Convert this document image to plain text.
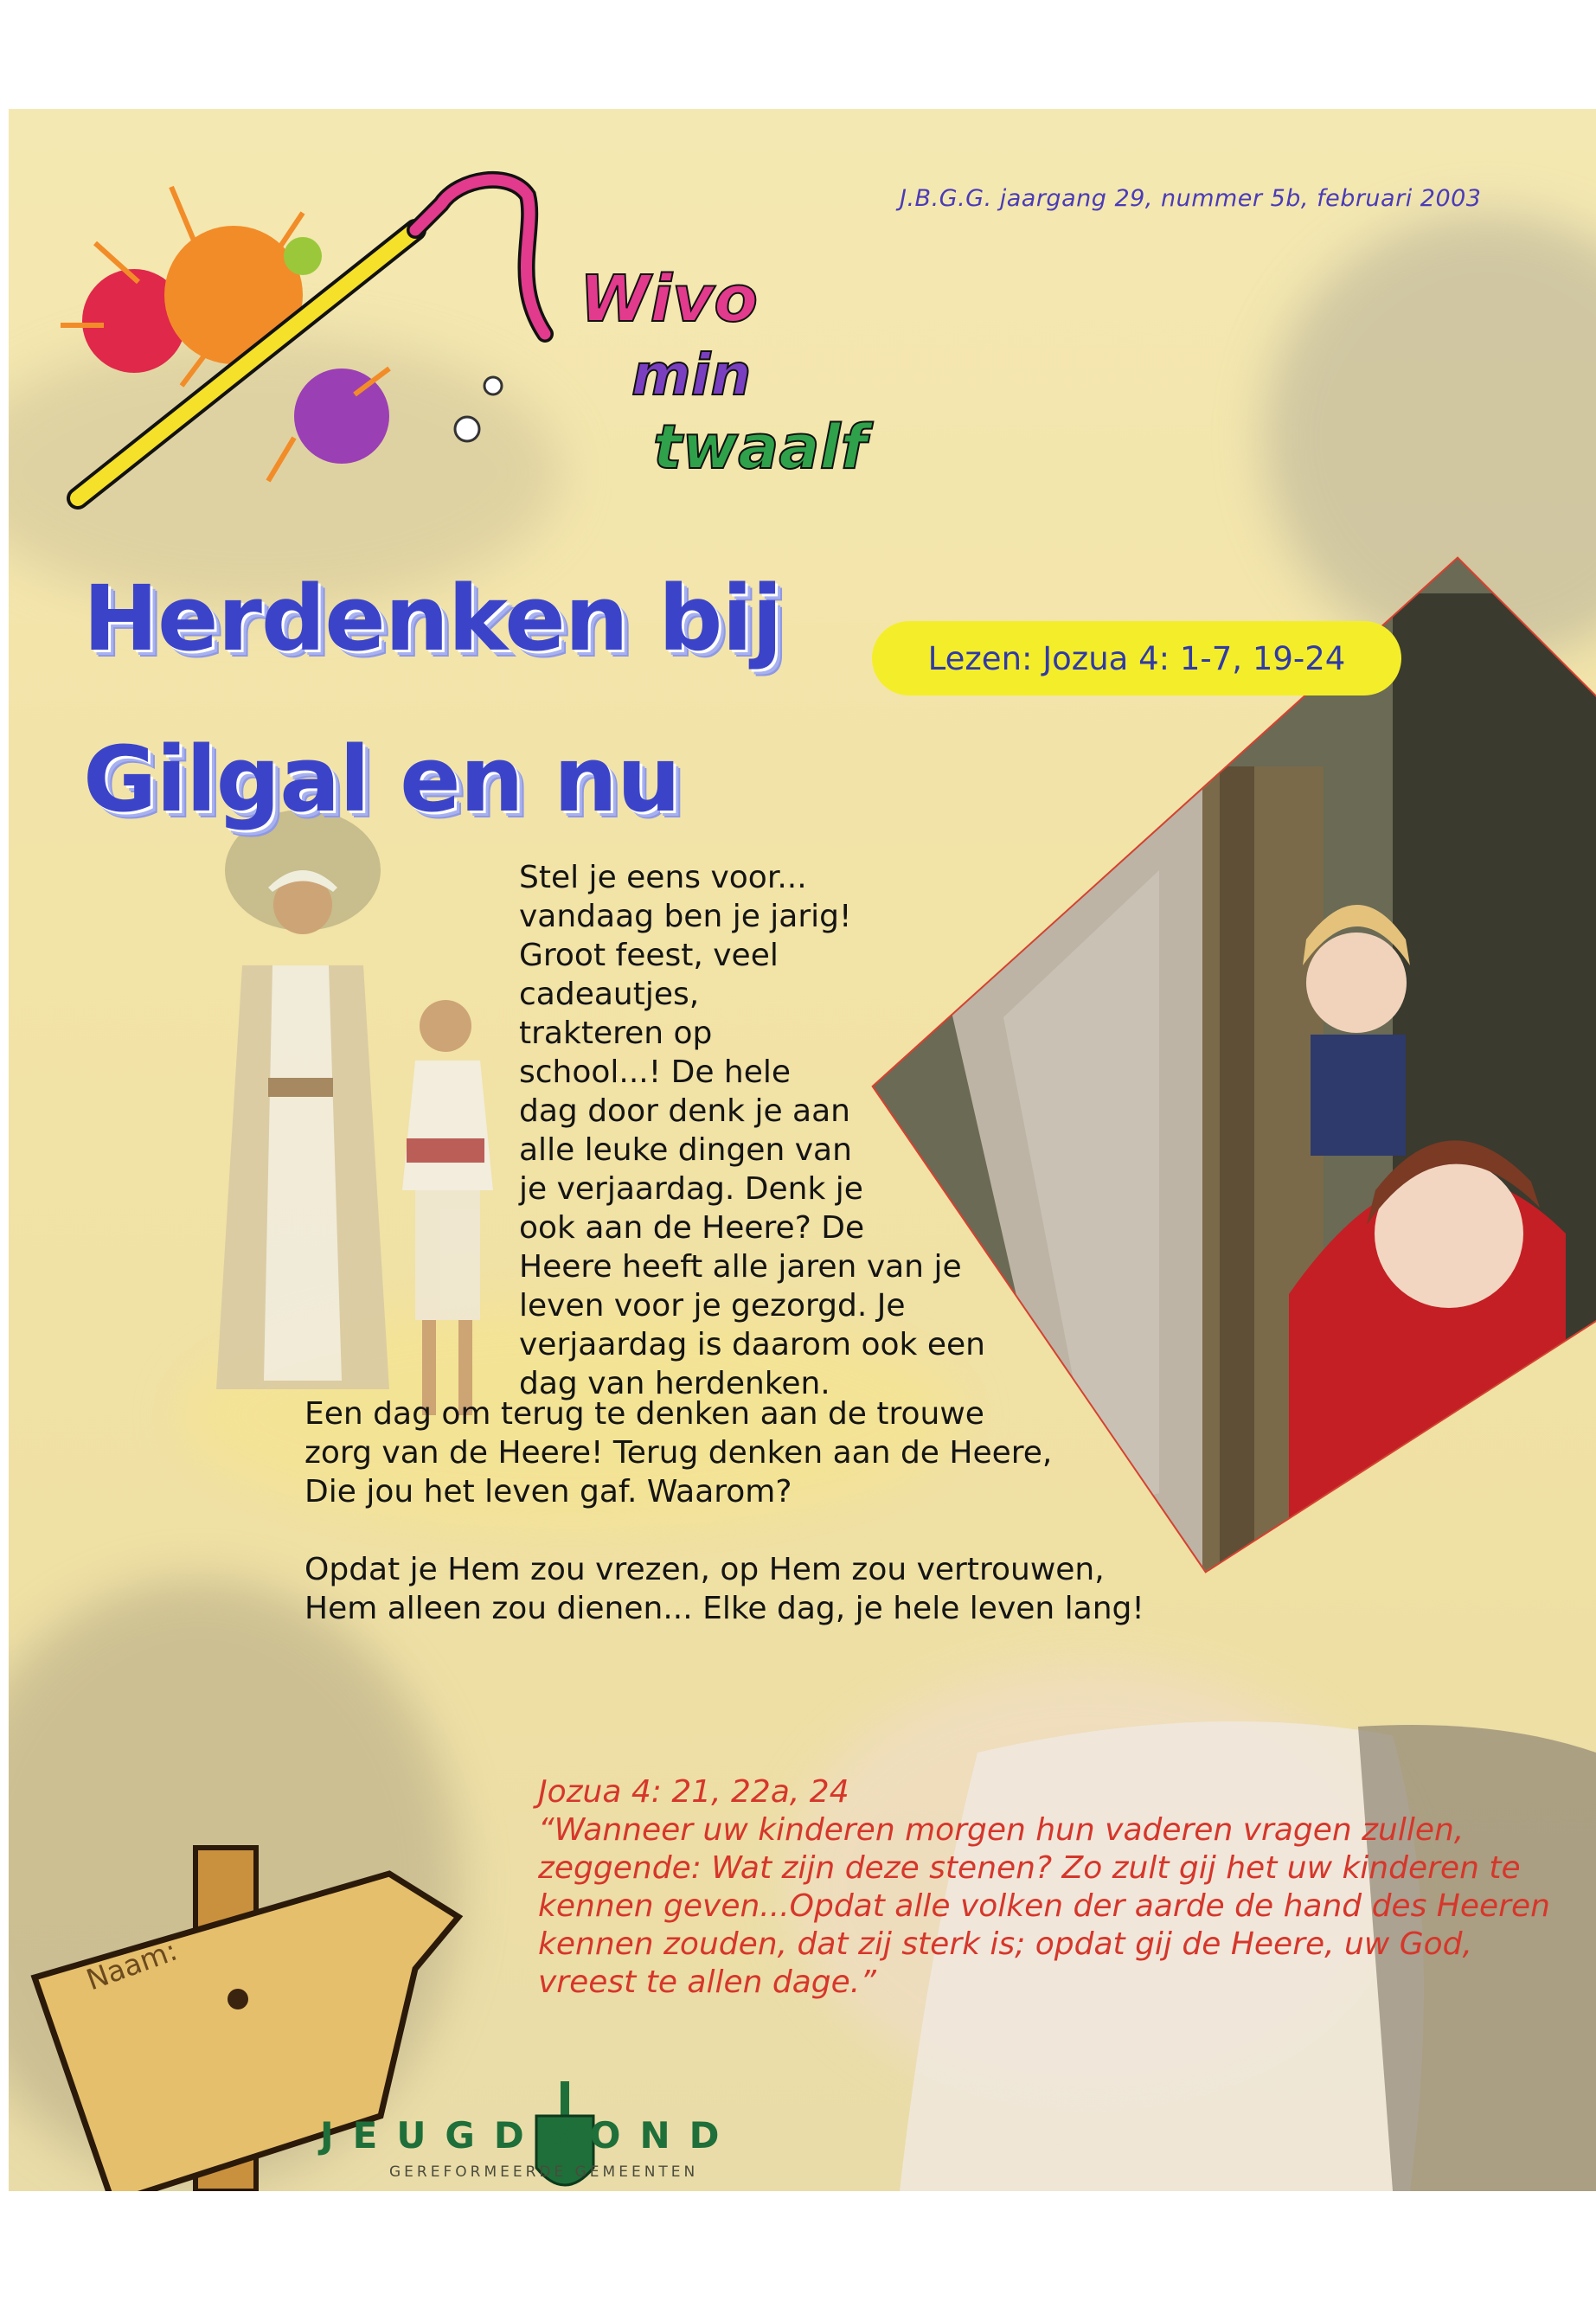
Wivo
min
twaalf
J.B.G.G. jaargang 29, nummer 5b, februari 2003
Herdenken bij
Gilgal en nu
Lezen: Jozua 4: 1-7, 19-24

Stel je eens voor...
vandaag ben je jarig!
Groot feest, veel
cadeautjes,
trakteren op
school...! De hele
dag door denk je aan
alle leuke dingen van
je verjaardag. Denk je
ook aan de Heere? De
Heere heeft alle jaren van je
leven voor je gezorgd. Je
verjaardag is daarom ook een
dag van herdenken.

Een dag om terug te denken aan de trouwe
zorg van de Heere! Terug denken aan de Heere,
Die jou het leven gaf. Waarom?

Opdat je Hem zou vrezen, op Hem zou vertrouwen,
Hem alleen zou dienen... Elke dag, je hele leven lang!

Jozua 4: 21, 22a, 24

“Wanneer uw kinderen morgen hun vaderen vragen zullen, zeggende: Wat zijn deze stenen? Zo zult gij het uw kinderen te kennen geven...Opdat alle volken der aarde de hand des Heeren kennen zouden, dat zij sterk is; opdat gij de Heere, uw God, vreest te allen dage.”

Naam:
JEUGDBOND
GEREFORMEERDE GEMEENTEN
